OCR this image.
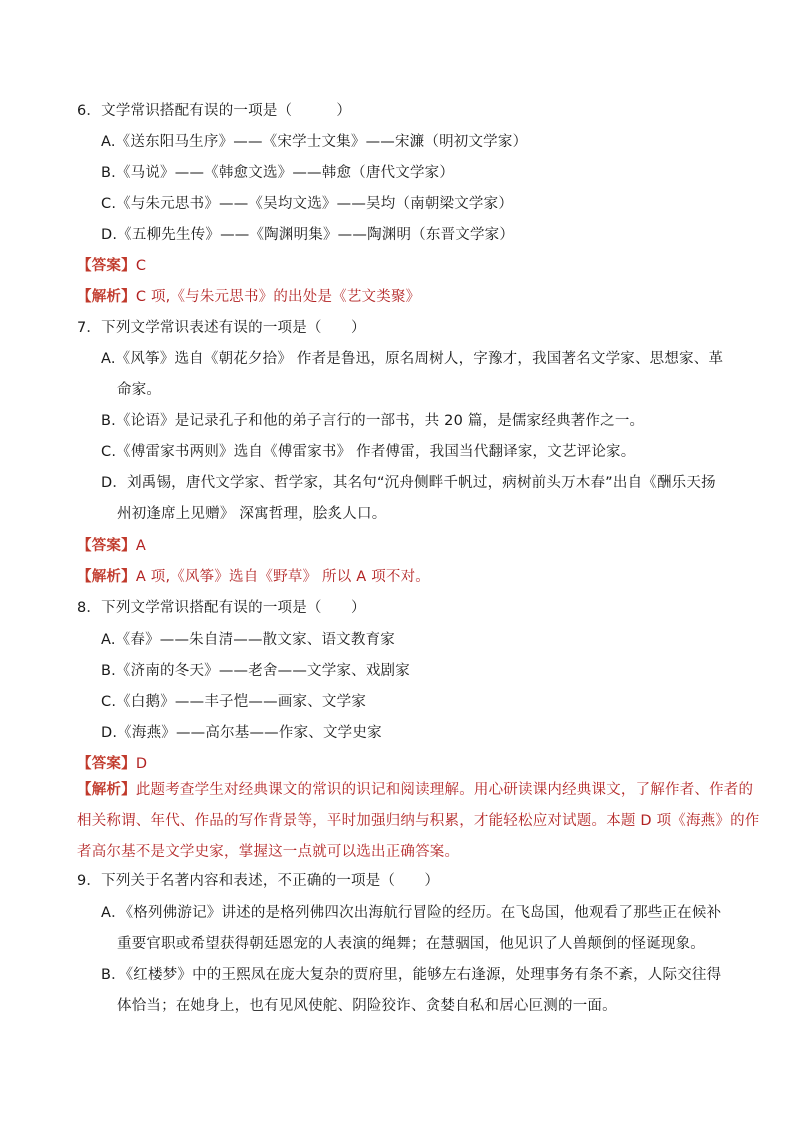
6．文学常识搭配有误的一项是（　　　）
A.《送东阳马生序》——《宋学士文集》——宋濂（明初文学家）
B.《马说》——《韩愈文选》——韩愈（唐代文学家）
C.《与朱元思书》——《吴均文选》——吴均（南朝梁文学家）
D.《五柳先生传》——《陶渊明集》——陶渊明（东晋文学家）
【答案】C
【解析】C 项,《与朱元思书》的出处是《艺文类聚》
7．下列文学常识表述有误的一项是（　　）
A.《风筝》选自《朝花夕拾》 作者是鲁迅，原名周树人，字豫才，我国著名文学家、思想家、革
命家。
B.《论语》是记录孔子和他的弟子言行的一部书，共 20 篇，是儒家经典著作之一。
C.《傅雷家书两则》选自《傅雷家书》 作者傅雷，我国当代翻译家，文艺评论家。
D．刘禹锡，唐代文学家、哲学家，其名句“沉舟侧畔千帆过，病树前头万木春”出自《酬乐天扬
州初逢席上见赠》 深寓哲理，脍炙人口。
【答案】A
【解析】A 项,《风筝》选自《野草》 所以 A 项不对。
8．下列文学常识搭配有误的一项是（　　）
A.《春》——朱自清——散文家、语文教育家
B.《济南的冬天》——老舍——文学家、戏剧家
C.《白鹅》——丰子恺——画家、文学家
D.《海燕》——高尔基——作家、文学史家
【答案】D
【解析】此题考查学生对经典课文的常识的识记和阅读理解。用心研读课内经典课文，了解作者、作者的
相关称谓、年代、作品的写作背景等，平时加强归纳与积累，才能轻松应对试题。本题 D 项《海燕》的作
者高尔基不是文学史家，掌握这一点就可以选出正确答案。
9．下列关于名著内容和表述，不正确的一项是（　　）
A．《格列佛游记》讲述的是格列佛四次出海航行冒险的经历。在飞岛国，他观看了那些正在候补
重要官职或希望获得朝廷恩宠的人表演的绳舞；在慧骃国，他见识了人兽颠倒的怪诞现象。
B．《红楼梦》中的王熙凤在庞大复杂的贾府里，能够左右逢源，处理事务有条不紊，人际交往得
体恰当；在她身上，也有见风使舵、阴险狡诈、贪婪自私和居心叵测的一面。
